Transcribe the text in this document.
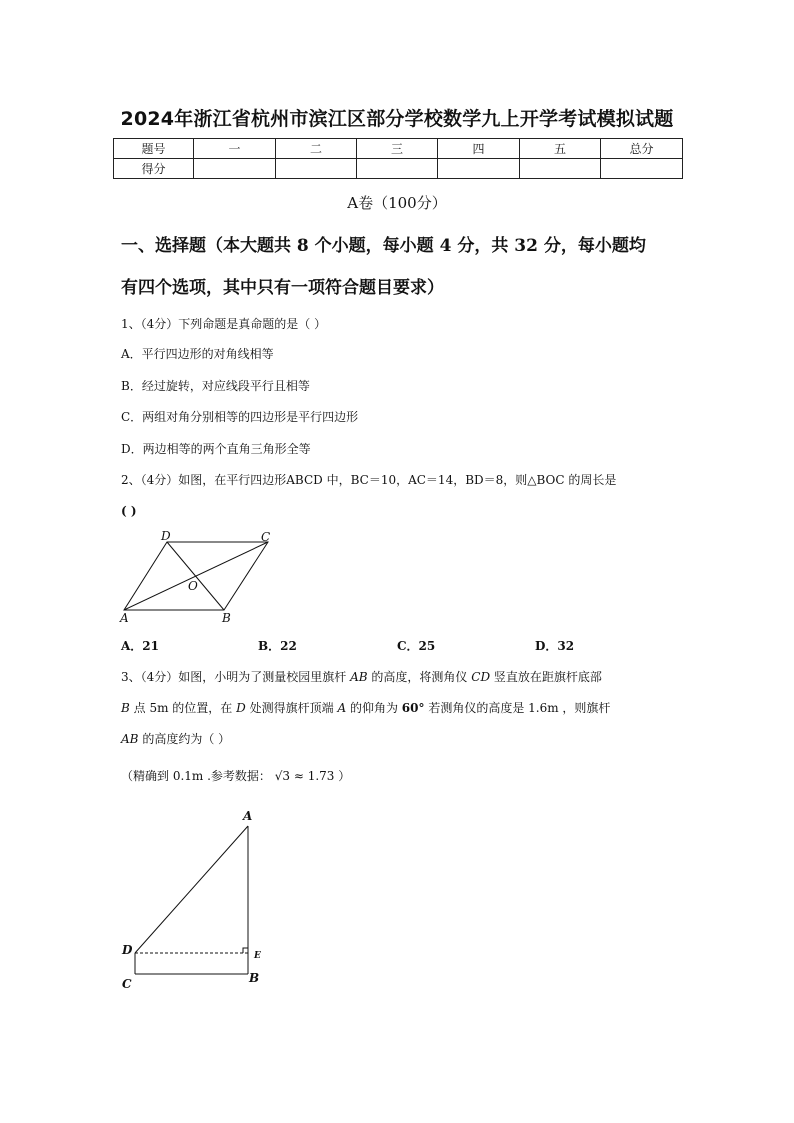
2024年浙江省杭州市滨江区部分学校数学九上开学考试模拟试题
题号	一	二	三	四	五	总分
得分						
A卷（100分）
一、选择题（本大题共 8 个小题，每小题 4 分，共 32 分，每小题均
有四个选项，其中只有一项符合题目要求）
1、（4分）下列命题是真命题的是（ ）
A．平行四边形的对角线相等
B．经过旋转，对应线段平行且相等
C．两组对角分别相等的四边形是平行四边形
D．两边相等的两个直角三角形全等
2、（4分）如图，在平行四边形ABCD 中，BC＝10，AC＝14，BD＝8，则△BOC 的周长是
( )
D	C
O
A	B
A．21	B．22	C．25	D．32
3、（4分）如图，小明为了测量校园里旗杆 AB 的高度，将测角仪 CD 竖直放在距旗杆底部
B 点 5m 的位置，在 D 处测得旗杆顶端 A 的仰角为 60° 若测角仪的高度是 1.6m ，则旗杆
AB 的高度约为（ ）
（精确到 0.1m .参考数据： √3 ≈ 1.73 ）
A
D	E
C	B
